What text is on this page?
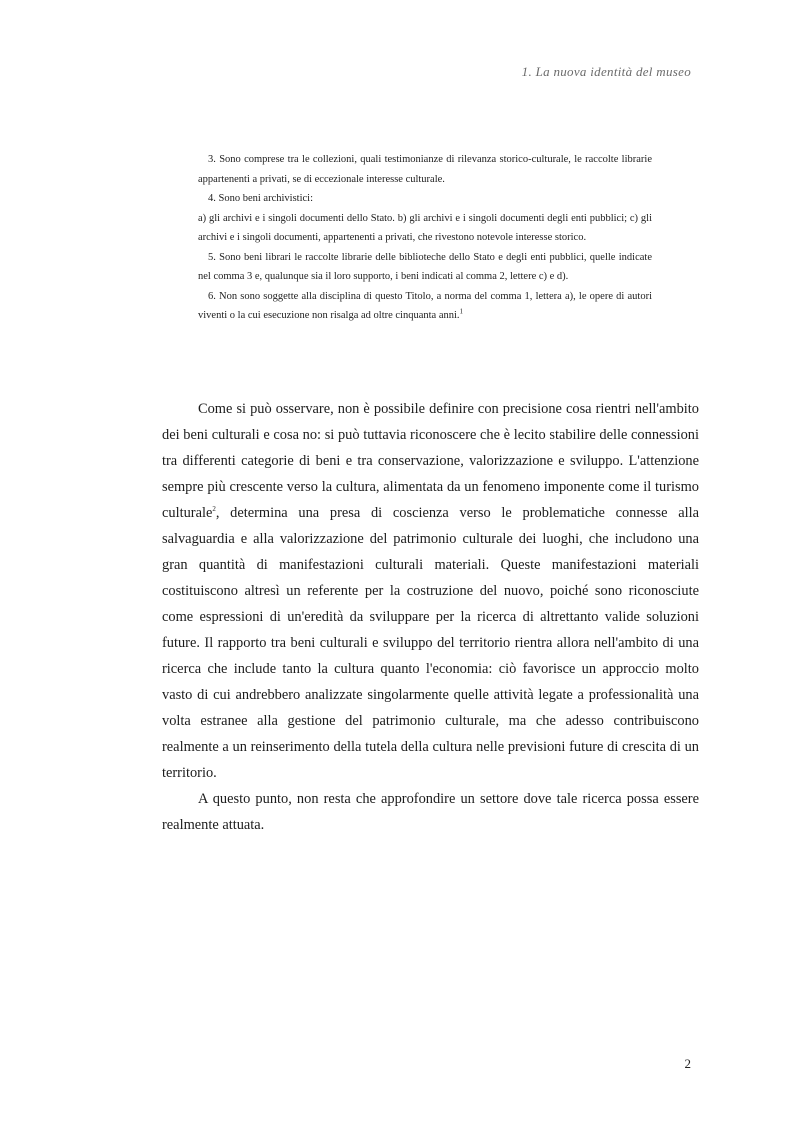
1. La nuova identità del museo

3. Sono comprese tra le collezioni, quali testimonianze di rilevanza storico-culturale, le raccolte librarie appartenenti a privati, se di eccezionale interesse culturale.

4. Sono beni archivistici:

a) gli archivi e i singoli documenti dello Stato. b) gli archivi e i singoli documenti degli enti pubblici; c) gli archivi e i singoli documenti, appartenenti a privati, che rivestono notevole interesse storico.

5. Sono beni librari le raccolte librarie delle biblioteche dello Stato e degli enti pubblici, quelle indicate nel comma 3 e, qualunque sia il loro supporto, i beni indicati al comma 2, lettere c) e d).

6. Non sono soggette alla disciplina di questo Titolo, a norma del comma 1, lettera a), le opere di autori viventi o la cui esecuzione non risalga ad oltre cinquanta anni.$^1$

Come si può osservare, non è possibile definire con precisione cosa rientri nell'ambito dei beni culturali e cosa no: si può tuttavia riconoscere che è lecito stabilire delle connessioni tra differenti categorie di beni e tra conservazione, valorizzazione e sviluppo. L'attenzione sempre più crescente verso la cultura, alimentata da un fenomeno imponente come il turismo culturale$^2$, determina una presa di coscienza verso le problematiche connesse alla salvaguardia e alla valorizzazione del patrimonio culturale dei luoghi, che includono una gran quantità di manifestazioni culturali materiali. Queste manifestazioni materiali costituiscono altresì un referente per la costruzione del nuovo, poiché sono riconosciute come espressioni di un'eredità da sviluppare per la ricerca di altrettanto valide soluzioni future. Il rapporto tra beni culturali e sviluppo del territorio rientra allora nell'ambito di una ricerca che include tanto la cultura quanto l'economia: ciò favorisce un approccio molto vasto di cui andrebbero analizzate singolarmente quelle attività legate a professionalità una volta estranee alla gestione del patrimonio culturale, ma che adesso contribuiscono realmente a un reinserimento della tutela della cultura nelle previsioni future di crescita di un territorio.

A questo punto, non resta che approfondire un settore dove tale ricerca possa essere realmente attuata.

2
